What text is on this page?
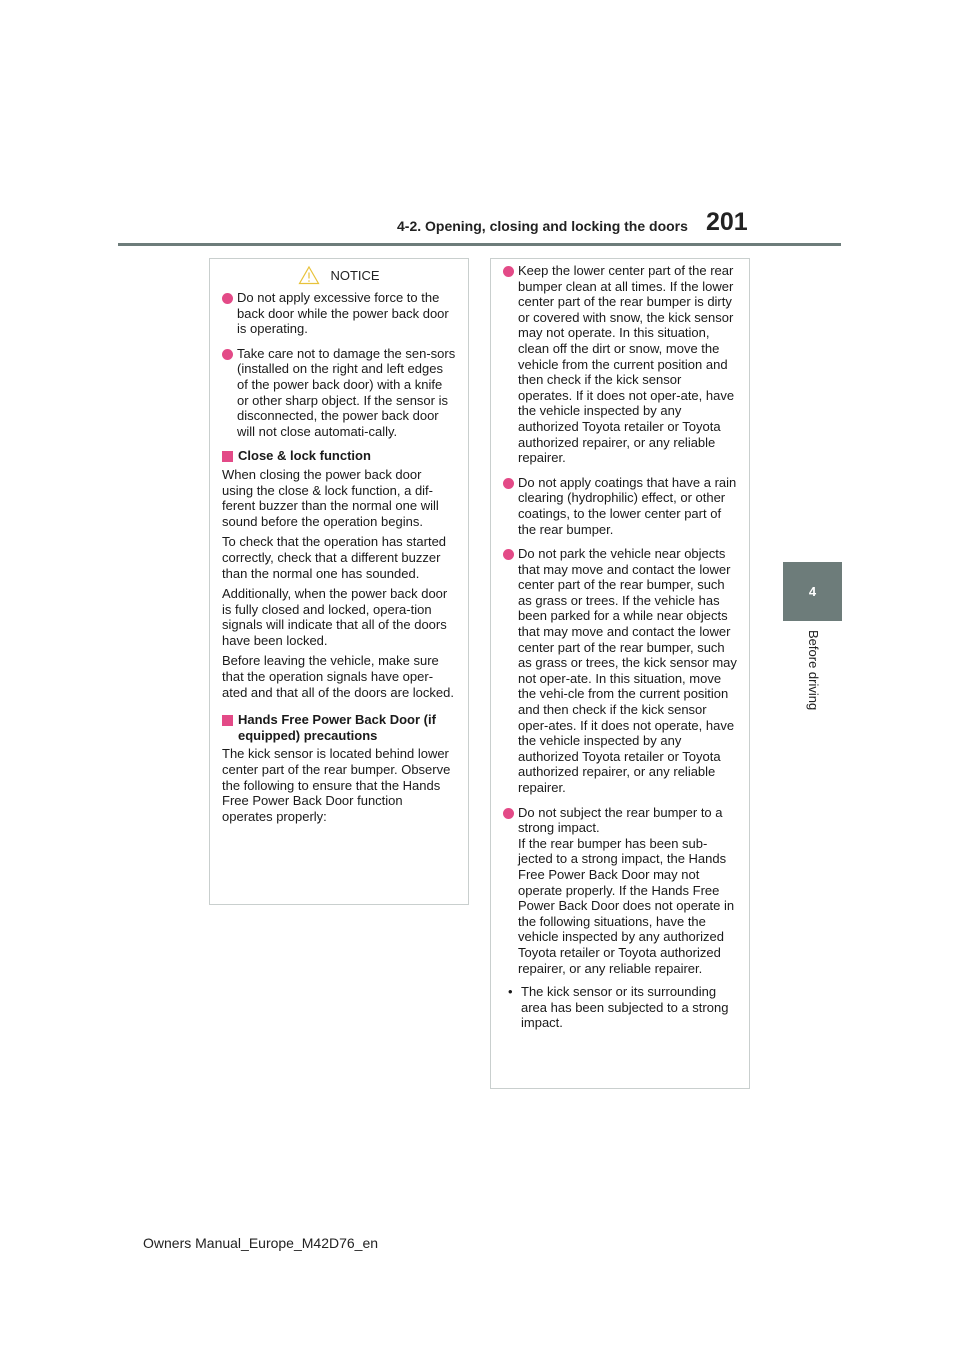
4-2. Opening, closing and locking the doors 201
4
Before driving
NOTICE
Do not apply excessive force to the back door while the power back door is operating.
Take care not to damage the sen-sors (installed on the right and left edges of the power back door) with a knife or other sharp object. If the sensor is disconnected, the power back door will not close automati-cally.
Close & lock function

When closing the power back door using the close & lock function, a dif-ferent buzzer than the normal one will sound before the operation begins.

To check that the operation has started correctly, check that a different buzzer than the normal one has sounded.

Additionally, when the power back door is fully closed and locked, opera-tion signals will indicate that all of the doors have been locked.

Before leaving the vehicle, make sure that the operation signals have oper-ated and that all of the doors are locked.

Hands Free Power Back Door (if equipped) precautions

The kick sensor is located behind lower center part of the rear bumper. Observe the following to ensure that the Hands Free Power Back Door function operates properly:

Keep the lower center part of the rear bumper clean at all times. If the lower center part of the rear bumper is dirty or covered with snow, the kick sensor may not operate. In this situation, clean off the dirt or snow, move the vehicle from the current position and then check if the kick sensor operates. If it does not oper-ate, have the vehicle inspected by any authorized Toyota retailer or Toyota authorized repairer, or any reliable repairer.
Do not apply coatings that have a rain clearing (hydrophilic) effect, or other coatings, to the lower center part of the rear bumper.
Do not park the vehicle near objects that may move and contact the lower center part of the rear bumper, such as grass or trees. If the vehicle has been parked for a while near objects that may move and contact the lower center part of the rear bumper, such as grass or trees, the kick sensor may not oper-ate. In this situation, move the vehi-cle from the current position and then check if the kick sensor oper-ates. If it does not operate, have the vehicle inspected by any authorized Toyota retailer or Toyota authorized repairer, or any reliable repairer.
Do not subject the rear bumper to a strong impact.
If the rear bumper has been sub-jected to a strong impact, the Hands Free Power Back Door may not operate properly. If the Hands Free Power Back Door does not operate in the following situations, have the vehicle inspected by any authorized Toyota retailer or Toyota authorized repairer, or any reliable repairer.
• The kick sensor or its surrounding area has been subjected to a strong impact.
Owners Manual_Europe_M42D76_en
